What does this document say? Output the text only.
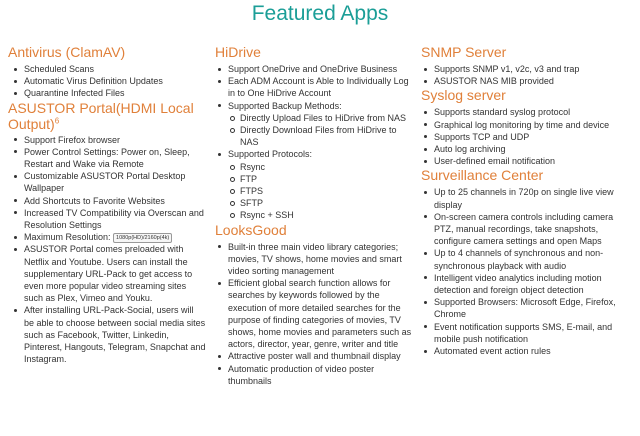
Featured Apps
Antivirus (ClamAV)
Scheduled Scans
Automatic Virus Definition Updates
Quarantine Infected Files
ASUSTOR Portal(HDMI Local Output)$^6$
Support Firefox browser
Power Control Settings: Power on, Sleep, Restart and Wake via Remote
Customizable ASUSTOR Portal Desktop Wallpaper
Add Shortcuts to Favorite Websites
Increased TV Compatibility via Overscan and Resolution Settings
Maximum Resolution: 1080p(HD)/2160p(4k)
ASUSTOR Portal comes preloaded with Netflix and Youtube. Users can install the supplementary URL-Pack to get access to even more popular video streaming sites such as Plex, Vimeo and Youku.
After installing URL-Pack-Social, users will be able to choose between social media sites such as Facebook, Twitter, Linkedin, Pinterest, Hangouts, Telegram, Snapchat and Instagram.
HiDrive
Support OneDrive and OneDrive Business
Each ADM Account is Able to Individually Log in to One HiDrive Account
Supported Backup Methods:
Directly Upload Files to HiDrive from NAS
Directly Download Files from HiDrive to NAS
Supported Protocols:
Rsync
FTP
FTPS
SFTP
Rsync + SSH
LooksGood
Built-in three main video library categories; movies, TV shows, home movies and smart video sorting management
Efficient global search function allows for searches by keywords followed by the execution of more detailed searches for the purpose of finding categories of movies, TV shows, home movies and parameters such as actors, director, year, genre, writer and title
Attractive poster wall and thumbnail display
Automatic production of video poster thumbnails
SNMP Server
Supports SNMP v1, v2c, v3 and trap
ASUSTOR NAS MIB provided
Syslog server
Supports standard syslog protocol
Graphical log monitoring by time and device
Supports TCP and UDP
Auto log archiving
User-defined email notification
Surveillance Center
Up to 25 channels in 720p on single live view display
On-screen camera controls including camera PTZ, manual recordings, take snapshots, configure camera settings and open Maps
Up to 4 channels of synchronous and non-synchronous playback with audio
Intelligent video analytics including motion detection and foreign object detection
Supported Browsers: Microsoft Edge, Firefox, Chrome
Event notification supports SMS, E-mail, and mobile push notification
Automated event action rules
